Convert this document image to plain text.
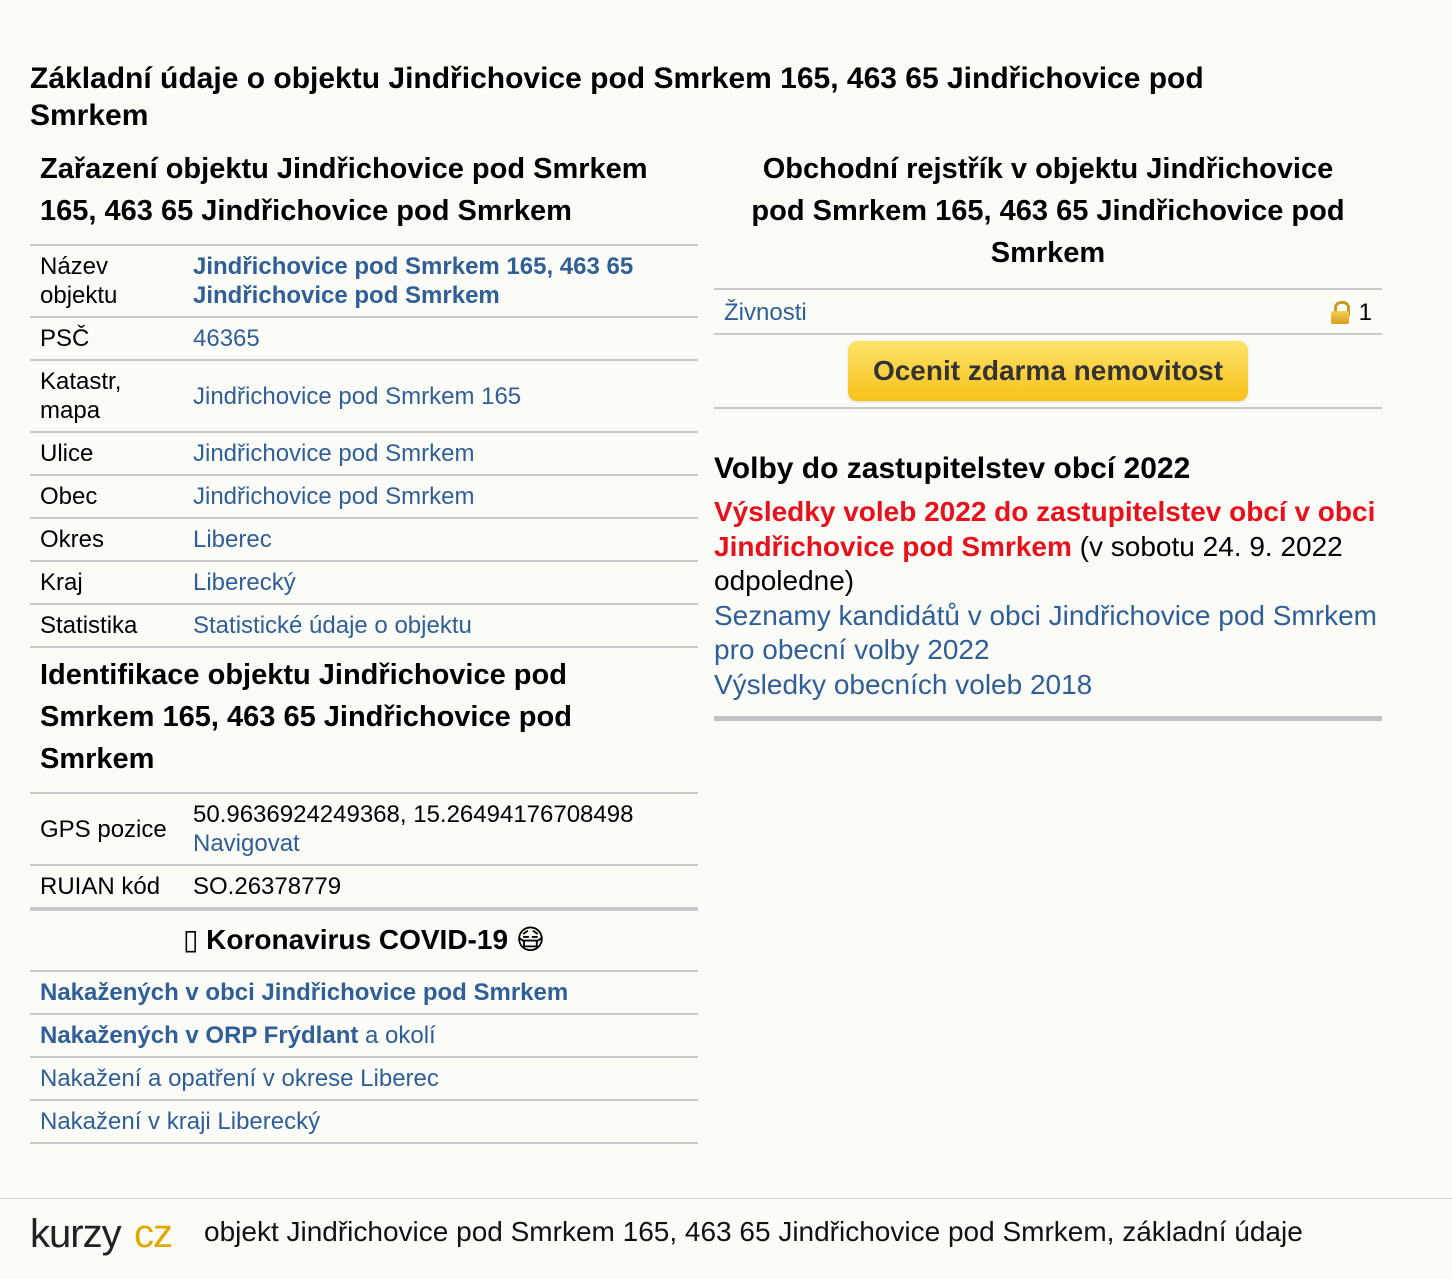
Základní údaje o objektu Jindřichovice pod Smrkem 165, 463 65 Jindřichovice pod Smrkem
Zařazení objektu Jindřichovice pod Smrkem 165, 463 65 Jindřichovice pod Smrkem
Název objektu	Jindřichovice pod Smrkem 165, 463 65 Jindřichovice pod Smrkem
PSČ	46365
Katastr, mapa	Jindřichovice pod Smrkem 165
Ulice	Jindřichovice pod Smrkem
Obec	Jindřichovice pod Smrkem
Okres	Liberec
Kraj	Liberecký
Statistika	Statistické údaje o objektu
Identifikace objektu Jindřichovice pod Smrkem 165, 463 65 Jindřichovice pod Smrkem
GPS pozice	50.9636924249368, 15.26494176708498
Navigovat
RUIAN kód	SO.26378779
▯ Koronavirus COVID-19 😷
Nakažených v obci Jindřichovice pod Smrkem
Nakažených v ORP Frýdlant a okolí
Nakažení a opatření v okrese Liberec
Nakažení v kraji Liberecký
Obchodní rejstřík v objektu Jindřichovice pod Smrkem 165, 463 65 Jindřichovice pod Smrkem
Živnosti	1
Ocenit zdarma nemovitost
Volby do zastupitelstev obcí 2022

Výsledky voleb 2022 do zastupitelstev obcí v obci Jindřichovice pod Smrkem (v sobotu 24. 9. 2022 odpoledne)

Seznamy kandidátů v obci Jindřichovice pod Smrkem pro obecní volby 2022
Výsledky obecních voleb 2018

kurzy cz objekt Jindřichovice pod Smrkem 165, 463 65 Jindřichovice pod Smrkem, základní údaje
